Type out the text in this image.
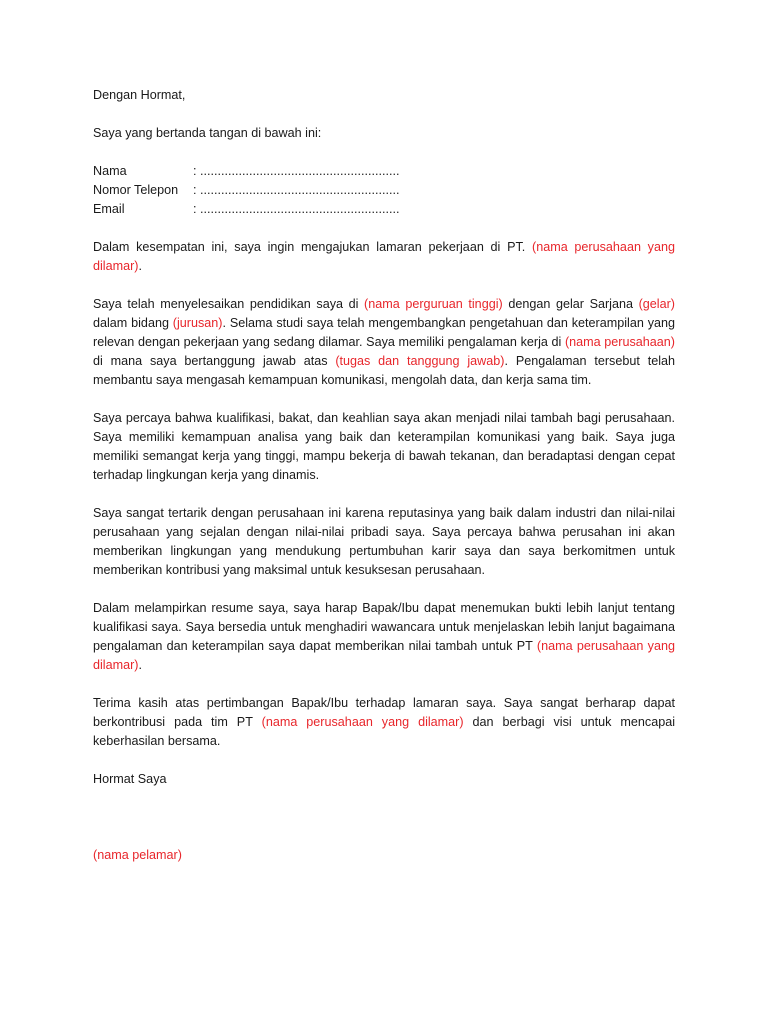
Dengan Hormat,

Saya yang bertanda tangan di bawah ini:

Nama	: .........................................................
Nomor Telepon	: .........................................................
Email	: .........................................................

Dalam kesempatan ini, saya ingin mengajukan lamaran pekerjaan di PT. (nama perusahaan yang dilamar).

Saya telah menyelesaikan pendidikan saya di (nama perguruan tinggi) dengan gelar Sarjana (gelar) dalam bidang (jurusan). Selama studi saya telah mengembangkan pengetahuan dan keterampilan yang relevan dengan pekerjaan yang sedang dilamar. Saya memiliki pengalaman kerja di (nama perusahaan) di mana saya bertanggung jawab atas (tugas dan tanggung jawab). Pengalaman tersebut telah membantu saya mengasah kemampuan komunikasi, mengolah data, dan kerja sama tim.

Saya percaya bahwa kualifikasi, bakat, dan keahlian saya akan menjadi nilai tambah bagi perusahaan. Saya memiliki kemampuan analisa yang baik dan keterampilan komunikasi yang baik. Saya juga memiliki semangat kerja yang tinggi, mampu bekerja di bawah tekanan, dan beradaptasi dengan cepat terhadap lingkungan kerja yang dinamis.

Saya sangat tertarik dengan perusahaan ini karena reputasinya yang baik dalam industri dan nilai-nilai perusahaan yang sejalan dengan nilai-nilai pribadi saya. Saya percaya bahwa perusahan ini akan memberikan lingkungan yang mendukung pertumbuhan karir saya dan saya berkomitmen untuk memberikan kontribusi yang maksimal untuk kesuksesan perusahaan.

Dalam melampirkan resume saya, saya harap Bapak/Ibu dapat menemukan bukti lebih lanjut tentang kualifikasi saya. Saya bersedia untuk menghadiri wawancara untuk menjelaskan lebih lanjut bagaimana pengalaman dan keterampilan saya dapat memberikan nilai tambah untuk PT (nama perusahaan yang dilamar).

Terima kasih atas pertimbangan Bapak/Ibu terhadap lamaran saya. Saya sangat berharap dapat berkontribusi pada tim PT (nama perusahaan yang dilamar) dan berbagi visi untuk mencapai keberhasilan bersama.

Hormat Saya

(nama pelamar)
